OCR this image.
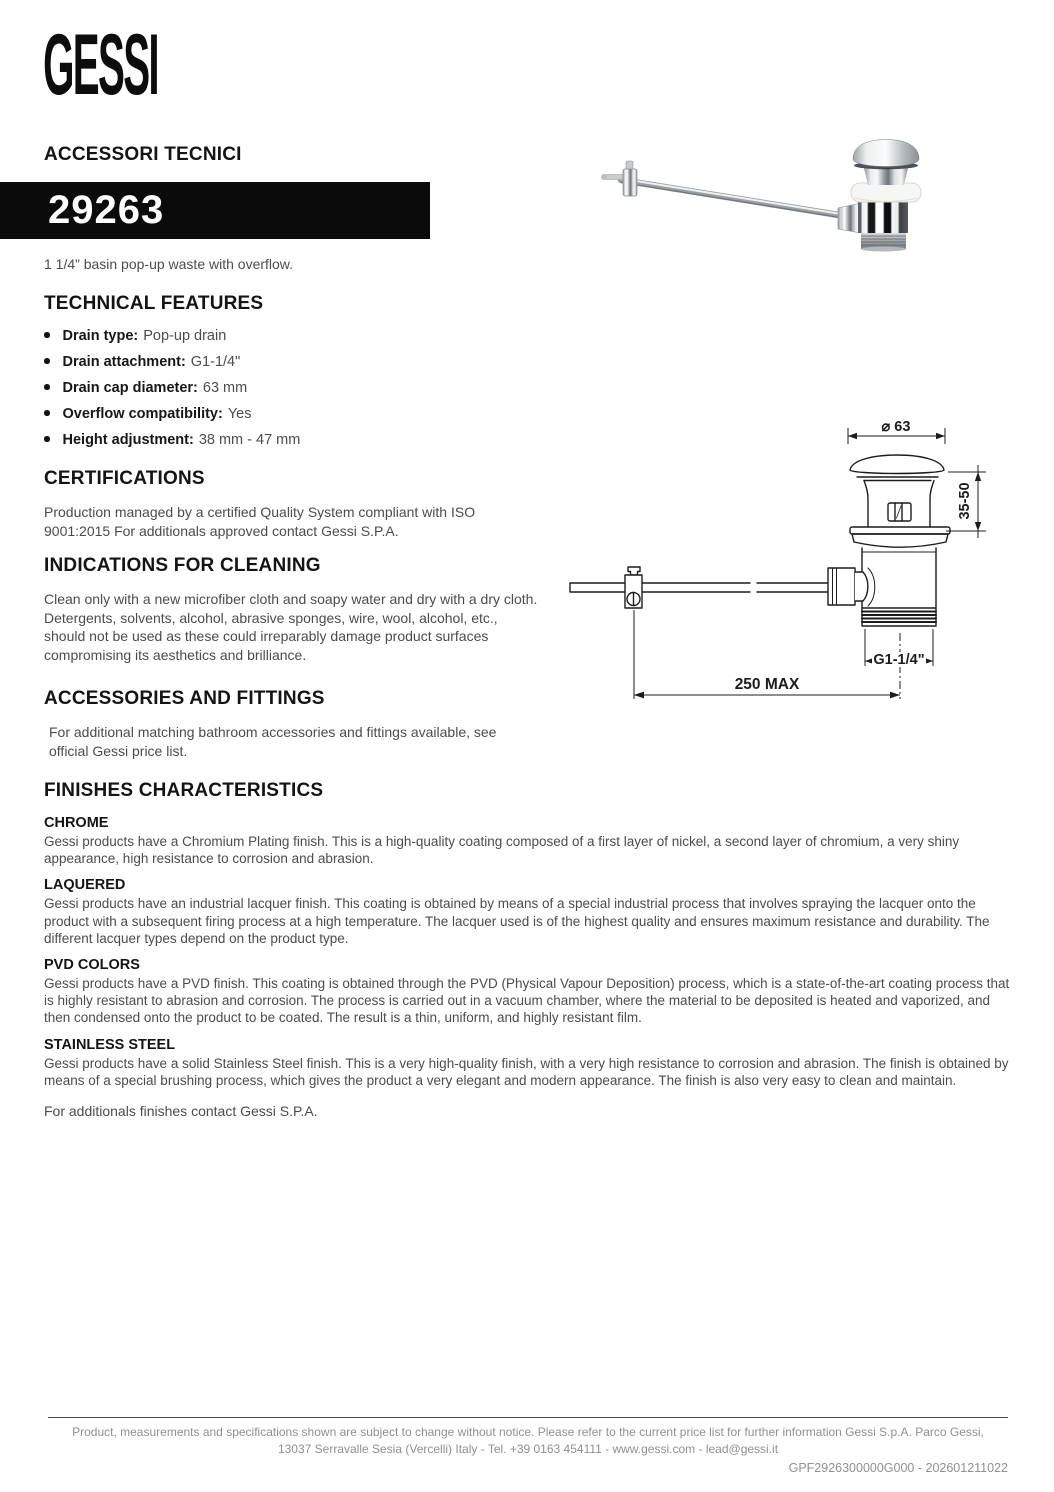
GESSI
ACCESSORI TECNICI
29263
1 1/4” basin pop-up waste with overflow.
TECHNICAL FEATURES
Drain type: Pop-up drain
Drain attachment: G1-1/4"
Drain cap diameter: 63 mm
Overflow compatibility: Yes
Height adjustment: 38 mm - 47 mm
CERTIFICATIONS

Production managed by a certified Quality System compliant with ISO 9001:2015 For additionals approved contact Gessi S.P.A.

INDICATIONS FOR CLEANING

Clean only with a new microfiber cloth and soapy water and dry with a dry cloth. Detergents, solvents, alcohol, abrasive sponges, wire, wool, alcohol, etc., should not be used as these could irreparably damage product surfaces compromising its aesthetics and brilliance.

ACCESSORIES AND FITTINGS

For additional matching bathroom accessories and fittings available, see official Gessi price list.

⌀ 63
35-50
250 MAX
G1-1/4"
FINISHES CHARACTERISTICS

CHROME

Gessi products have a Chromium Plating finish. This is a high-quality coating composed of a first layer of nickel, a second layer of chromium, a very shiny appearance, high resistance to corrosion and abrasion.

LAQUERED

Gessi products have an industrial lacquer finish. This coating is obtained by means of a special industrial process that involves spraying the lacquer onto the product with a subsequent firing process at a high temperature. The lacquer used is of the highest quality and ensures maximum resistance and durability. The different lacquer types depend on the product type.

PVD COLORS

Gessi products have a PVD finish. This coating is obtained through the PVD (Physical Vapour Deposition) process, which is a state-of-the-art coating process that is highly resistant to abrasion and corrosion. The process is carried out in a vacuum chamber, where the material to be deposited is heated and vaporized, and then condensed onto the product to be coated. The result is a thin, uniform, and highly resistant film.

STAINLESS STEEL

Gessi products have a solid Stainless Steel finish. This is a very high-quality finish, with a very high resistance to corrosion and abrasion. The finish is obtained by means of a special brushing process, which gives the product a very elegant and modern appearance. The finish is also very easy to clean and maintain.

For additionals finishes contact Gessi S.P.A.

Product, measurements and specifications shown are subject to change without notice. Please refer to the current price list for further information Gessi S.p.A. Parco Gessi,
13037 Serravalle Sesia (Vercelli) Italy - Tel. +39 0163 454111 - www.gessi.com - lead@gessi.it
GPF2926300000G000 - 202601211022
